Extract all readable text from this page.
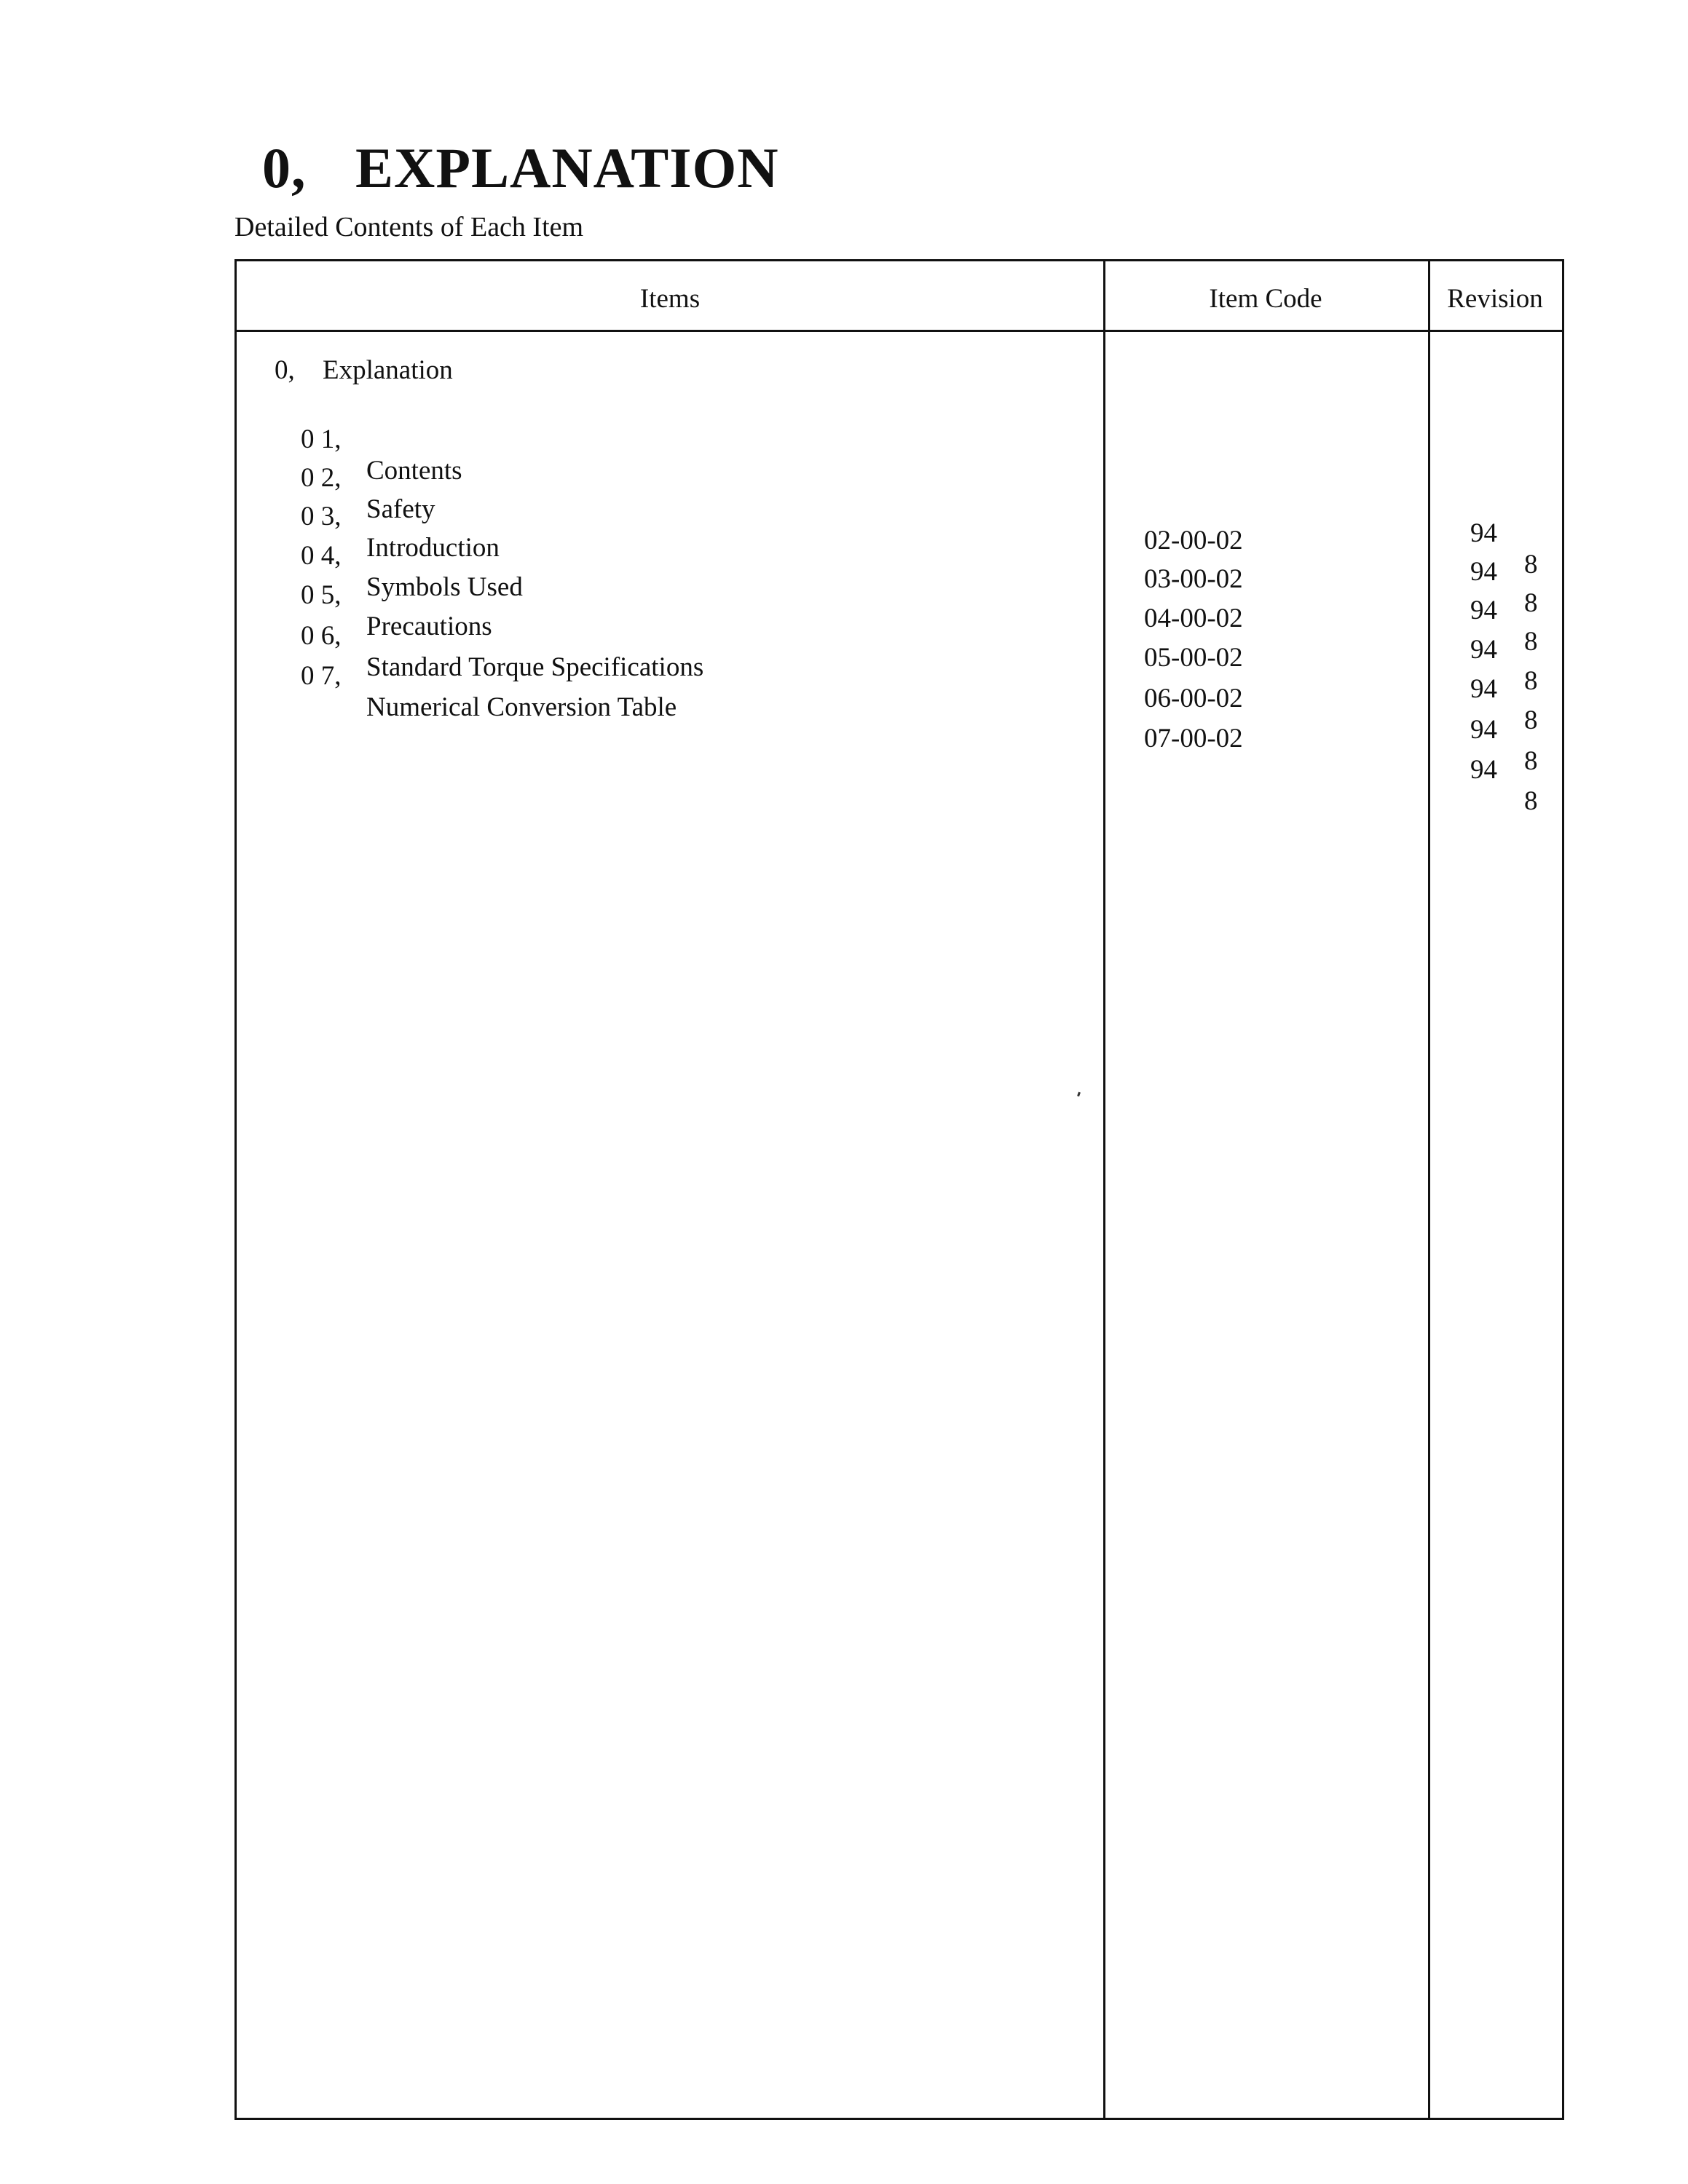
0, EXPLANATION
Detailed Contents of Each Item
Items	Item Code	Revision
0, Explanation

0 1,

Contents

94

8

0 2,

Safety

02-00-02

94

8

0 3,

Introduction

03-00-02

94

8

0 4,

Symbols Used

04-00-02

94

8

0 5,

Precautions

05-00-02

94

8

0 6,

Standard Torque Specifications

06-00-02

94

8

0 7,

Numerical Conversion Table

07-00-02

94

8
